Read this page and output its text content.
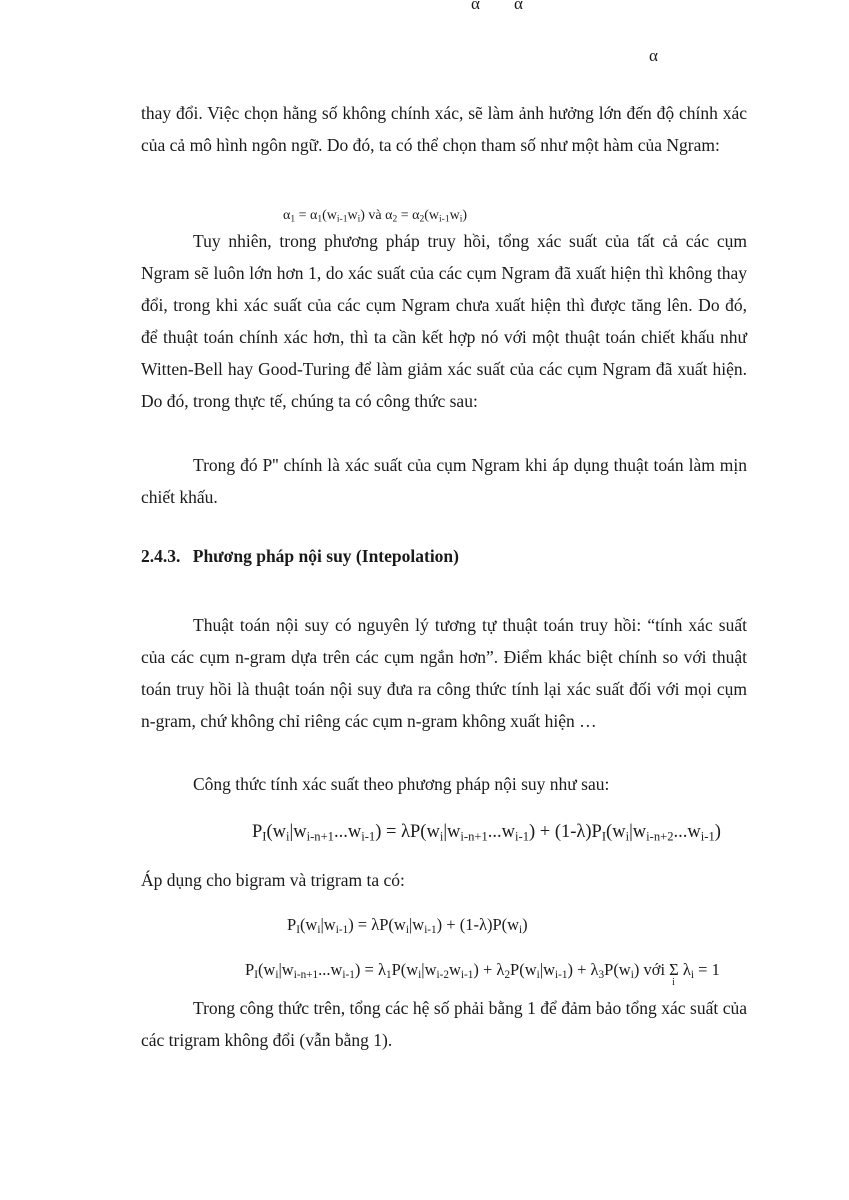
α α
α

thay đổi. Việc chọn hằng số không chính xác, sẽ làm ảnh hưởng lớn đến độ chính xác của cả mô hình ngôn ngữ. Do đó, ta có thể chọn tham số như một hàm của Ngram:

$\alpha_1 = \alpha_1(w_{i-1}w_i)$ và $\alpha_2 = \alpha_2(w_{i-1}w_i)$

Tuy nhiên, trong phương pháp truy hồi, tổng xác suất của tất cả các cụm Ngram sẽ luôn lớn hơn 1, do xác suất của các cụm Ngram đã xuất hiện thì không thay đổi, trong khi xác suất của các cụm Ngram chưa xuất hiện thì được tăng lên. Do đó, để thuật toán chính xác hơn, thì ta cần kết hợp nó với một thuật toán chiết khấu như Witten-Bell hay Good-Turing để làm giảm xác suất của các cụm Ngram đã xuất hiện. Do đó, trong thực tế, chúng ta có công thức sau:

Trong đó P'' chính là xác suất của cụm Ngram khi áp dụng thuật toán làm mịn chiết khấu.

2.4.3. Phương pháp nội suy (Intepolation)

Thuật toán nội suy có nguyên lý tương tự thuật toán truy hồi: “tính xác suất của các cụm n-gram dựa trên các cụm ngắn hơn”. Điểm khác biệt chính so với thuật toán truy hồi là thuật toán nội suy đưa ra công thức tính lại xác suất đối với mọi cụm n-gram, chứ không chỉ riêng các cụm n-gram không xuất hiện …

Công thức tính xác suất theo phương pháp nội suy như sau:

$P_I(w_i|w_{i-n+1}...w_{i-1}) = \lambda P(w_i|w_{i-n+1}...w_{i-1}) + (1-\lambda)P_I(w_i|w_{i-n+2}...w_{i-1})$
Áp dụng cho bigram và trigram ta có:
$P_I(w_i|w_{i-1}) = \lambda P(w_i|w_{i-1}) + (1-\lambda)P(w_i)$
$P_I(w_i|w_{i-n+1}...w_{i-1}) = \lambda_1P(w_i|w_{i-2}w_{i-1}) + \lambda_2P(w_i|w_{i-1}) + \lambda_3P(w_i)$ với Σ
i
$\lambda_i = 1$

Trong công thức trên, tổng các hệ số phải bằng 1 để đảm bảo tổng xác suất của các trigram không đổi (vẫn bằng 1).
